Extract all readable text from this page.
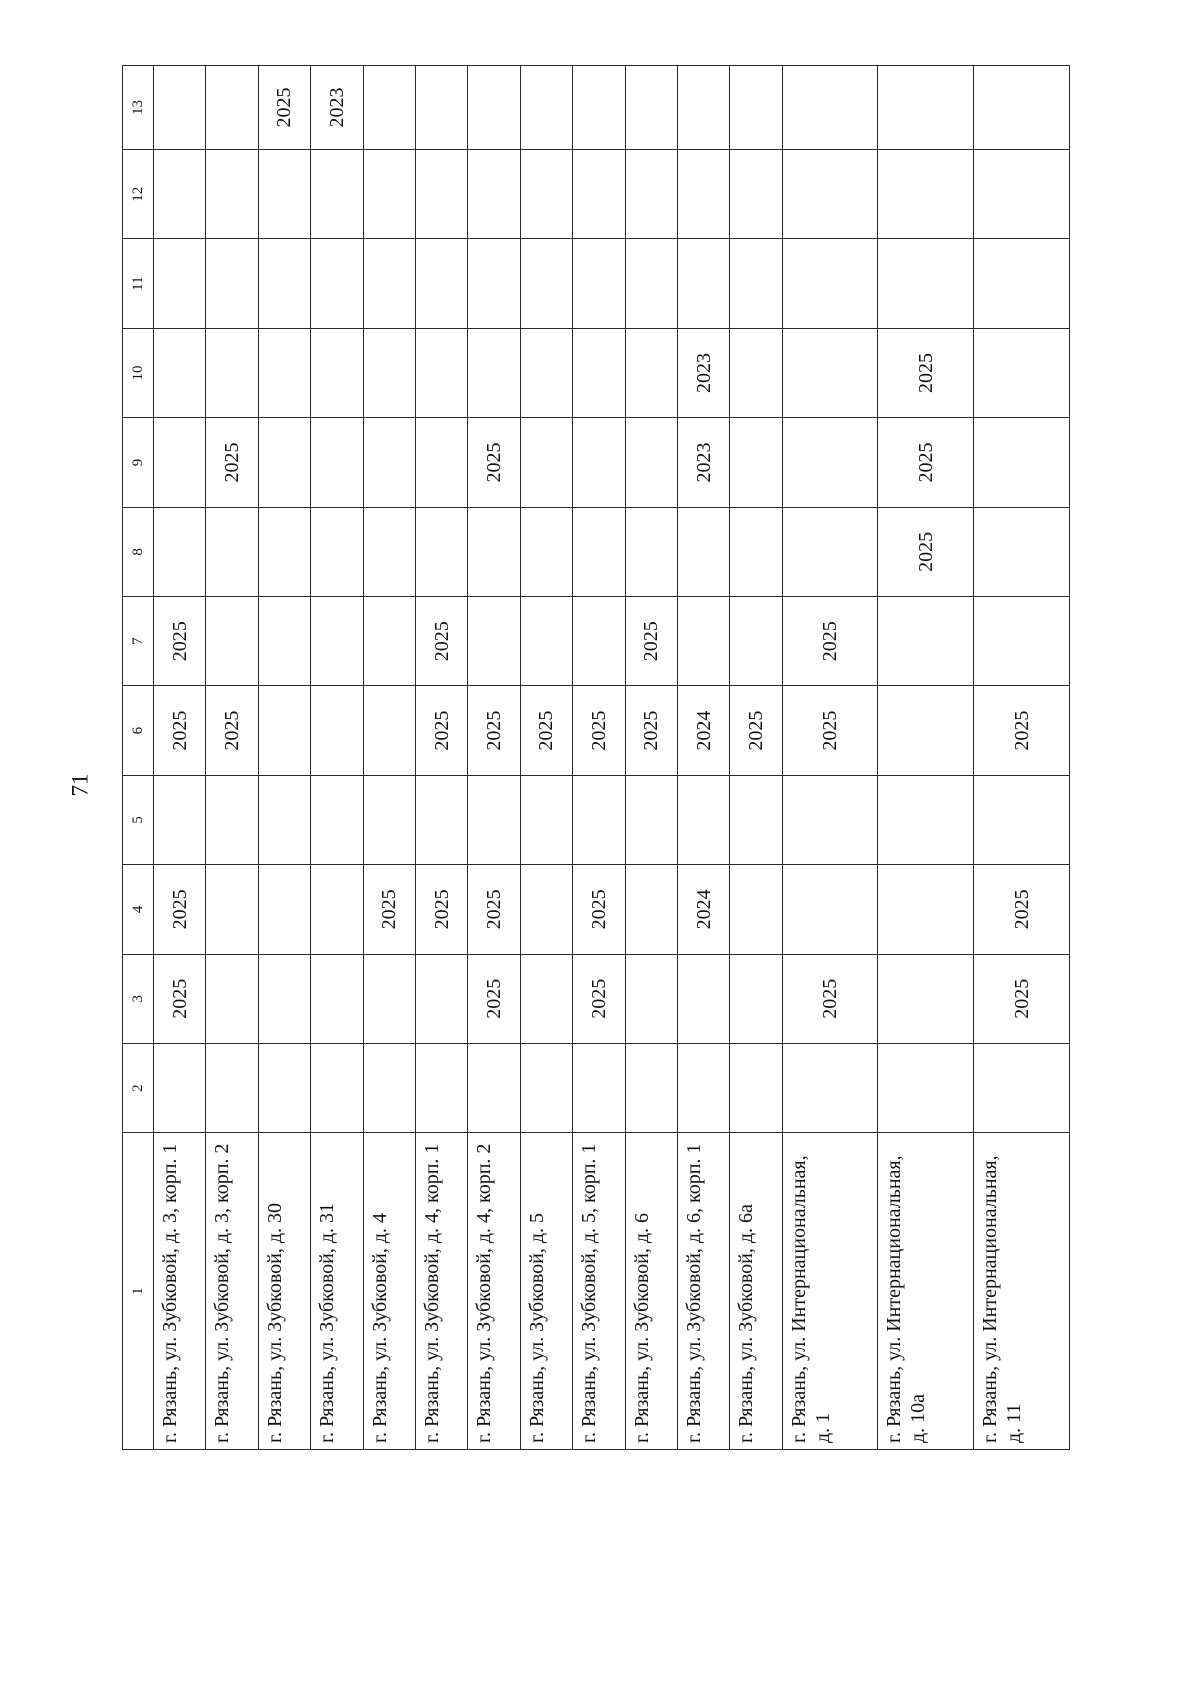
71
1	2	3	4	5	6	7	8	9	10	11	12	13
г. Рязань, ул. Зубковой, д. 3, корп. 1		2025	2025		2025	2025						
г. Рязань, ул. Зубковой, д. 3, корп. 2					2025			2025				
г. Рязань, ул. Зубковой, д. 30												2025
г. Рязань, ул. Зубковой, д. 31												2023
г. Рязань, ул. Зубковой, д. 4			2025									
г. Рязань, ул. Зубковой, д. 4, корп. 1			2025		2025	2025						
г. Рязань, ул. Зубковой, д. 4, корп. 2		2025	2025		2025			2025				
г. Рязань, ул. Зубковой, д. 5					2025							
г. Рязань, ул. Зубковой, д. 5, корп. 1		2025	2025		2025							
г. Рязань, ул. Зубковой, д. 6					2025	2025						
г. Рязань, ул. Зубковой, д. 6, корп. 1			2024		2024			2023	2023			
г. Рязань, ул. Зубковой, д. 6а					2025							
г. Рязань, ул. Интернациональная, д. 1		2025			2025	2025						
г. Рязань, ул. Интернациональная, д. 10а							2025	2025	2025			
г. Рязань, ул. Интернациональная, д. 11		2025	2025		2025							
